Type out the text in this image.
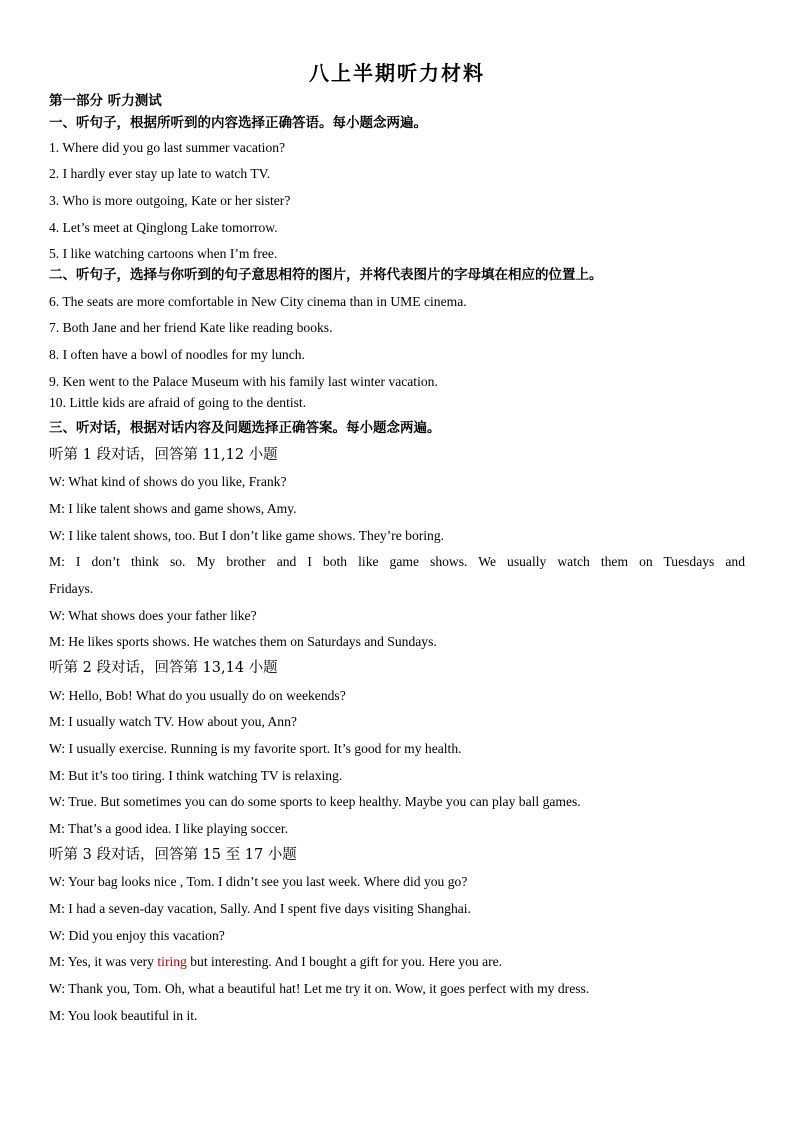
八上半期听力材料
第一部分 听力测试
一、听句子，根据所听到的内容选择正确答语。每小题念两遍。
1. Where did you go last summer vacation?
2. I hardly ever stay up late to watch TV.
3. Who is more outgoing, Kate or her sister?
4. Let’s meet at Qinglong Lake tomorrow.
5. I like watching cartoons when I’m free.
二、听句子，选择与你听到的句子意思相符的图片，并将代表图片的字母填在相应的位置上。
6. The seats are more comfortable in New City cinema than in UME cinema.
7. Both Jane and her friend Kate like reading books.
8. I often have a bowl of noodles for my lunch.
9. Ken went to the Palace Museum with his family last winter vacation.
10. Little kids are afraid of going to the dentist.
三、听对话，根据对话内容及问题选择正确答案。每小题念两遍。
听第 1 段对话，回答第 11,12 小题
W: What kind of shows do you like, Frank?
M: I like talent shows and game shows, Amy.
W: I like talent shows, too. But I don’t like game shows. They’re boring.
M: I don’t think so. My brother and I both like game shows. We usually watch them on Tuesdays and
Fridays.
W: What shows does your father like?
M: He likes sports shows. He watches them on Saturdays and Sundays.
听第 2 段对话，回答第 13,14 小题
W: Hello, Bob! What do you usually do on weekends?
M: I usually watch TV. How about you, Ann?
W: I usually exercise. Running is my favorite sport. It’s good for my health.
M: But it’s too tiring. I think watching TV is relaxing.
W: True. But sometimes you can do some sports to keep healthy. Maybe you can play ball games.
M: That’s a good idea. I like playing soccer.
听第 3 段对话，回答第 15 至 17 小题
W: Your bag looks nice , Tom. I didn’t see you last week. Where did you go?
M: I had a seven-day vacation, Sally. And I spent five days visiting Shanghai.
W: Did you enjoy this vacation?
M: Yes, it was very tiring but interesting. And I bought a gift for you. Here you are.
W: Thank you, Tom. Oh, what a beautiful hat! Let me try it on. Wow, it goes perfect with my dress.
M: You look beautiful in it.
